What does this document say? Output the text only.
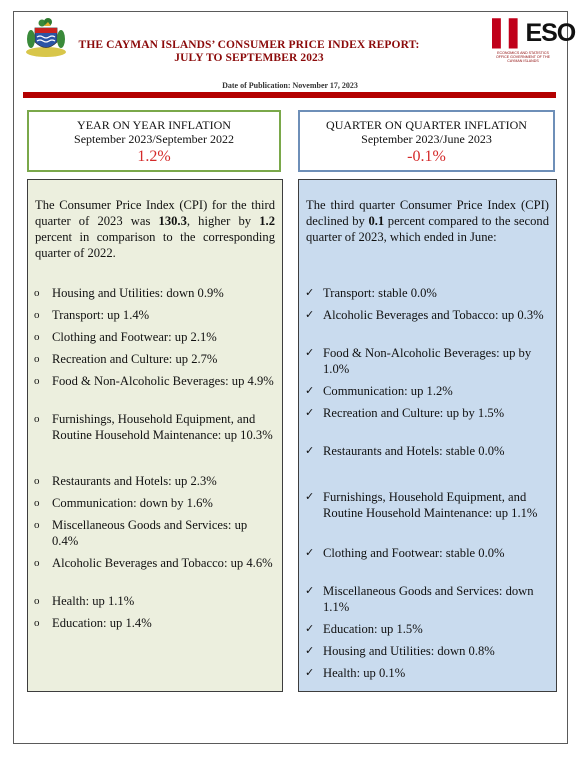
THE CAYMAN ISLANDS’ CONSUMER PRICE INDEX REPORT:
JULY TO SEPTEMBER 2023
▌▌ESO
ECONOMICS AND STATISTICS OFFICE GOVERNMENT OF THE CAYMAN ISLANDS
Date of Publication: November 17, 2023
YEAR ON YEAR INFLATION
September 2023/September 2022
1.2%
QUARTER ON QUARTER INFLATION
September 2023/June 2023
-0.1%
The Consumer Price Index (CPI) for the third quarter of 2023 was 130.3, higher by 1.2 percent in comparison to the corresponding quarter of 2022.
o Housing and Utilities: down 0.9%
o Transport: up 1.4%
o Clothing and Footwear: up 2.1%
o Recreation and Culture: up 2.7%
o Food & Non-Alcoholic Beverages: up 4.9%
o Furnishings, Household Equipment, and Routine Household Maintenance: up 10.3%
o Restaurants and Hotels: up 2.3%
o Communication: down by 1.6%
o Miscellaneous Goods and Services: up 0.4%
o Alcoholic Beverages and Tobacco: up 4.6%
o Health: up 1.1%
o Education: up 1.4%
The third quarter Consumer Price Index (CPI) declined by 0.1 percent compared to the second quarter of 2023, which ended in June:
✓ Transport: stable 0.0%
✓ Alcoholic Beverages and Tobacco: up 0.3%
✓ Food & Non-Alcoholic Beverages: up by 1.0%
✓ Communication: up 1.2%
✓ Recreation and Culture: up by 1.5%
✓ Restaurants and Hotels: stable 0.0%
✓ Furnishings, Household Equipment, and Routine Household Maintenance: up 1.1%
✓ Clothing and Footwear: stable 0.0%
✓ Miscellaneous Goods and Services: down 1.1%
✓ Education: up 1.5%
✓ Housing and Utilities: down 0.8%
✓ Health: up 0.1%
